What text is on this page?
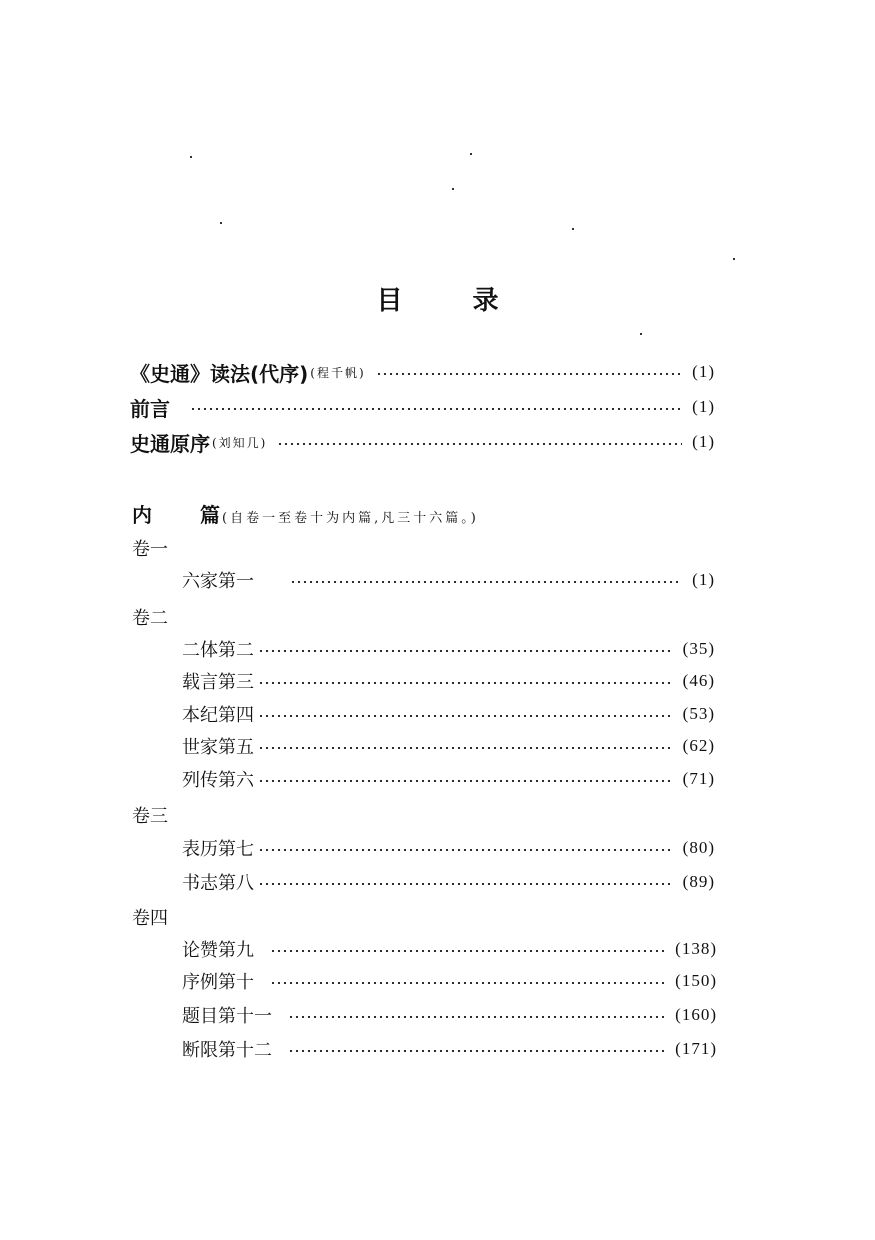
目	录
《史通》读法(代序) (程千帆)	(1)
前言	(1)
史通原序 (刘知几)	(1)
内 篇 (自卷一至卷十为内篇,凡三十六篇。)
卷一
六家第一	(1)
卷二
二体第二	(35)
载言第三	(46)
本纪第四	(53)
世家第五	(62)
列传第六	(71)
卷三
表历第七	(80)
书志第八	(89)
卷四
论赞第九	(138)
序例第十	(150)
题目第十一	(160)
断限第十二	(171)
